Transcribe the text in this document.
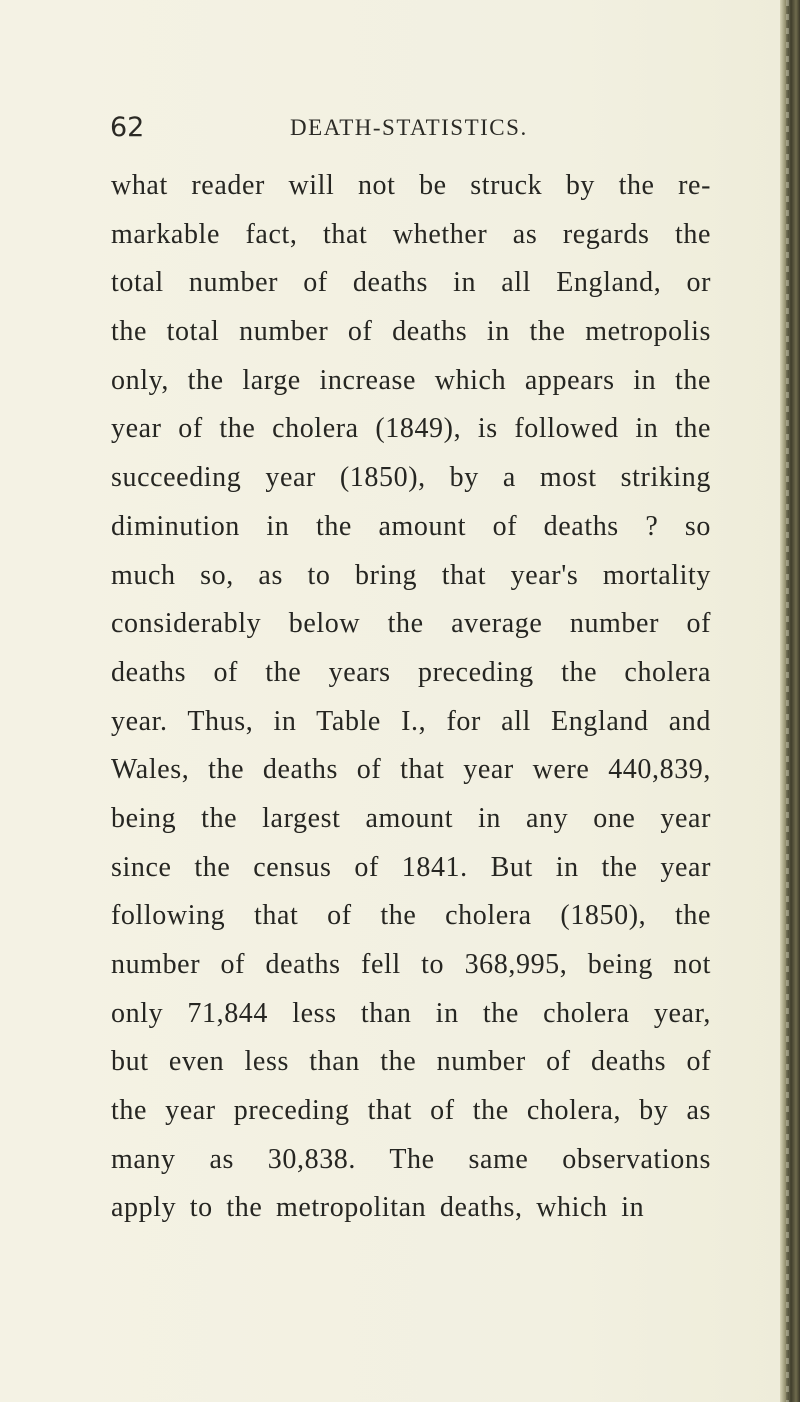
62	DEATH-STATISTICS.
what reader will not be struck by the re-
markable fact, that whether as regards the
total number of deaths in all England, or
the total number of deaths in the metropolis
only, the large increase which appears in the
year of the cholera (1849), is followed in the
succeeding year (1850), by a most striking
diminution in the amount of deaths ? so
much so, as to bring that year's mortality
considerably below the average number of
deaths of the years preceding the cholera
year. Thus, in Table I., for all England and
Wales, the deaths of that year were 440,839,
being the largest amount in any one year
since the census of 1841. But in the year
following that of the cholera (1850), the
number of deaths fell to 368,995, being not
only 71,844 less than in the cholera year,
but even less than the number of deaths of
the year preceding that of the cholera, by as
many as 30,838. The same observations
apply to the metropolitan deaths, which in
